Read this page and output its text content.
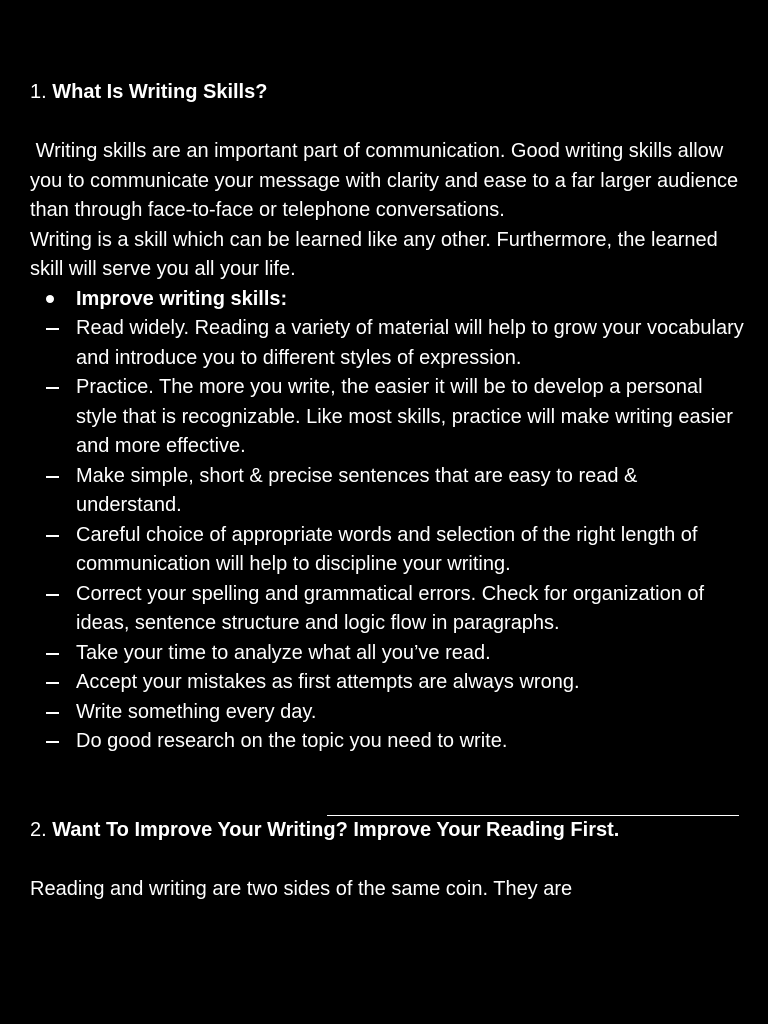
1. What Is Writing Skills?

Writing skills are an important part of communication. Good writing skills allow you to communicate your message with clarity and ease to a far larger audience than through face-to-face or telephone conversations.

Writing is a skill which can be learned like any other. Furthermore, the learned skill will serve you all your life.

Improve writing skills:
Read widely. Reading a variety of material will help to grow your vocabulary and introduce you to different styles of expression.
Practice. The more you write, the easier it will be to develop a personal style that is recognizable. Like most skills, practice will make writing easier and more effective.
Make simple, short & precise sentences that are easy to read & understand.
Careful choice of appropriate words and selection of the right length of communication will help to discipline your writing.
Correct your spelling and grammatical errors. Check for organization of ideas, sentence structure and logic flow in paragraphs.
Take your time to analyze what all you’ve read.
Accept your mistakes as first attempts are always wrong.
Write something every day.
Do good research on the topic you need to write.

2. Want To Improve Your Writing? Improve Your Reading First.

Reading and writing are two sides of the same coin. They are
